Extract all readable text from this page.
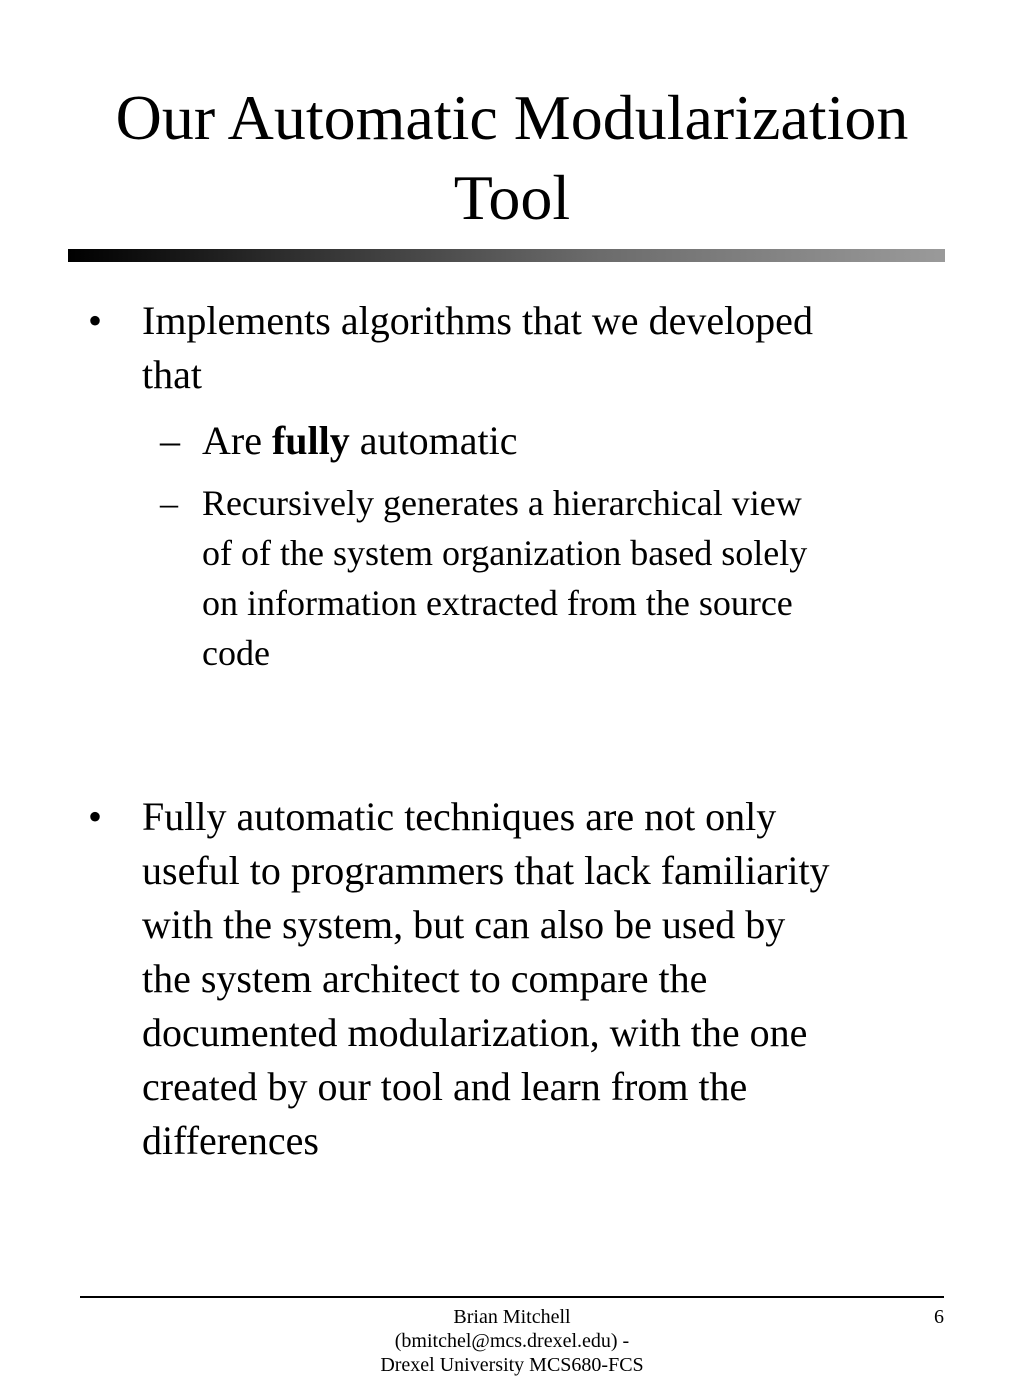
Our Automatic Modularization
Tool
• Implements algorithms that we developed
that

– Are fully automatic

– Recursively generates a hierarchical view
of of the system organization based solely
on information extracted from the source
code

• Fully automatic techniques are not only
useful to programmers that lack familiarity
with the system, but can also be used by
the system architect to compare the
documented modularization, with the one
created by our tool and learn from the
differences

Brian Mitchell
(bmitchel@mcs.drexel.edu) -
Drexel University MCS680-FCS

6
